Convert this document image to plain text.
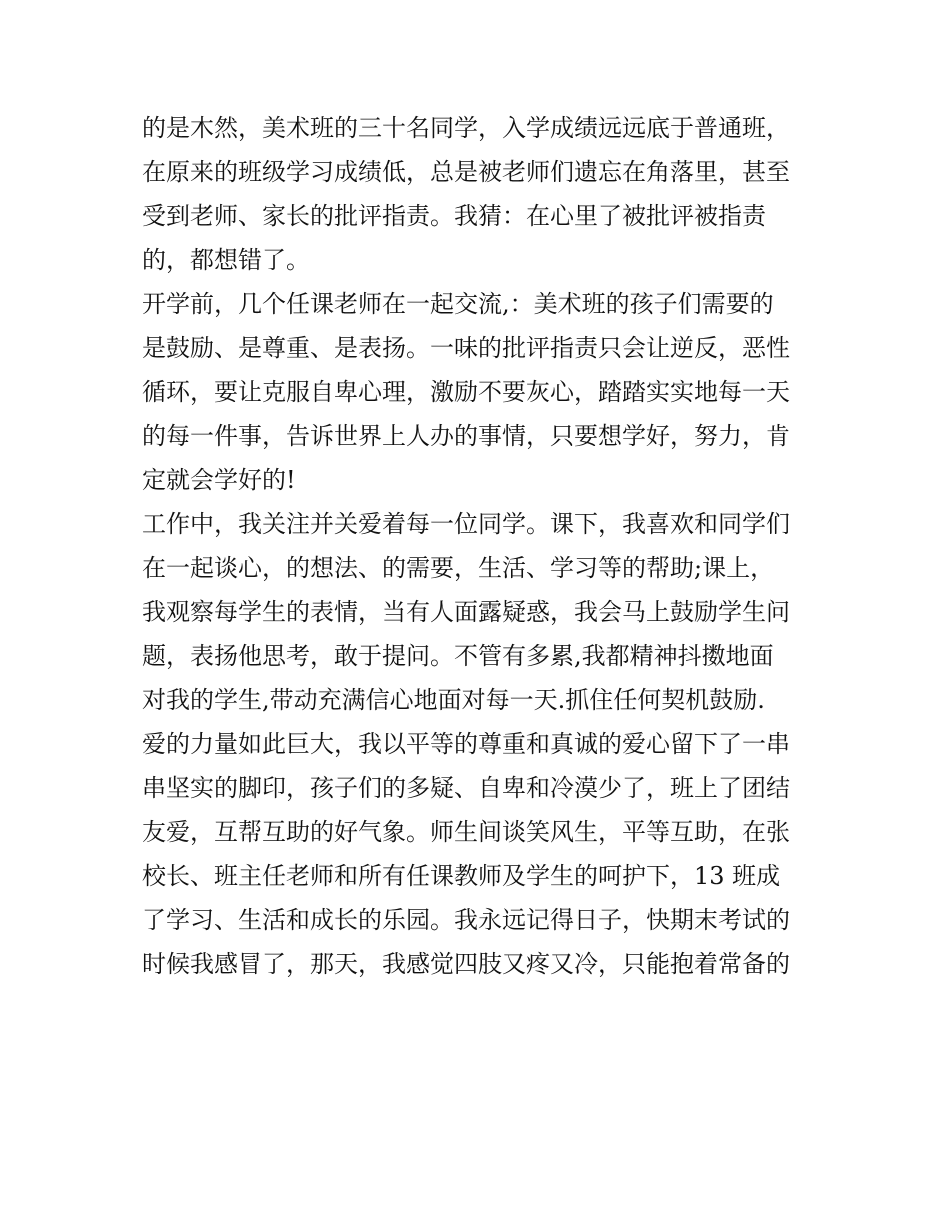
的是木然，美术班的三十名同学，入学成绩远远底于普通班，
在原来的班级学习成绩低，总是被老师们遗忘在角落里，甚至
受到老师、家长的批评指责。我猜：在心里了被批评被指责
的，都想错了。
开学前，几个任课老师在一起交流,：美术班的孩子们需要的
是鼓励、是尊重、是表扬。一味的批评指责只会让逆反，恶性
循环，要让克服自卑心理，激励不要灰心，踏踏实实地每一天
的每一件事，告诉世界上人办的事情，只要想学好，努力，肯
定就会学好的!
工作中，我关注并关爱着每一位同学。课下，我喜欢和同学们
在一起谈心，的想法、的需要，生活、学习等的帮助;课上，
我观察每学生的表情，当有人面露疑惑，我会马上鼓励学生问
题，表扬他思考，敢于提问。不管有多累,我都精神抖擞地面
对我的学生,带动充满信心地面对每一天.抓住任何契机鼓励.
爱的力量如此巨大，我以平等的尊重和真诚的爱心留下了一串
串坚实的脚印，孩子们的多疑、自卑和冷漠少了，班上了团结
友爱，互帮互助的好气象。师生间谈笑风生，平等互助，在张
校长、班主任老师和所有任课教师及学生的呵护下，13 班成
了学习、生活和成长的乐园。我永远记得日子，快期末考试的
时候我感冒了，那天，我感觉四肢又疼又冷，只能抱着常备的
